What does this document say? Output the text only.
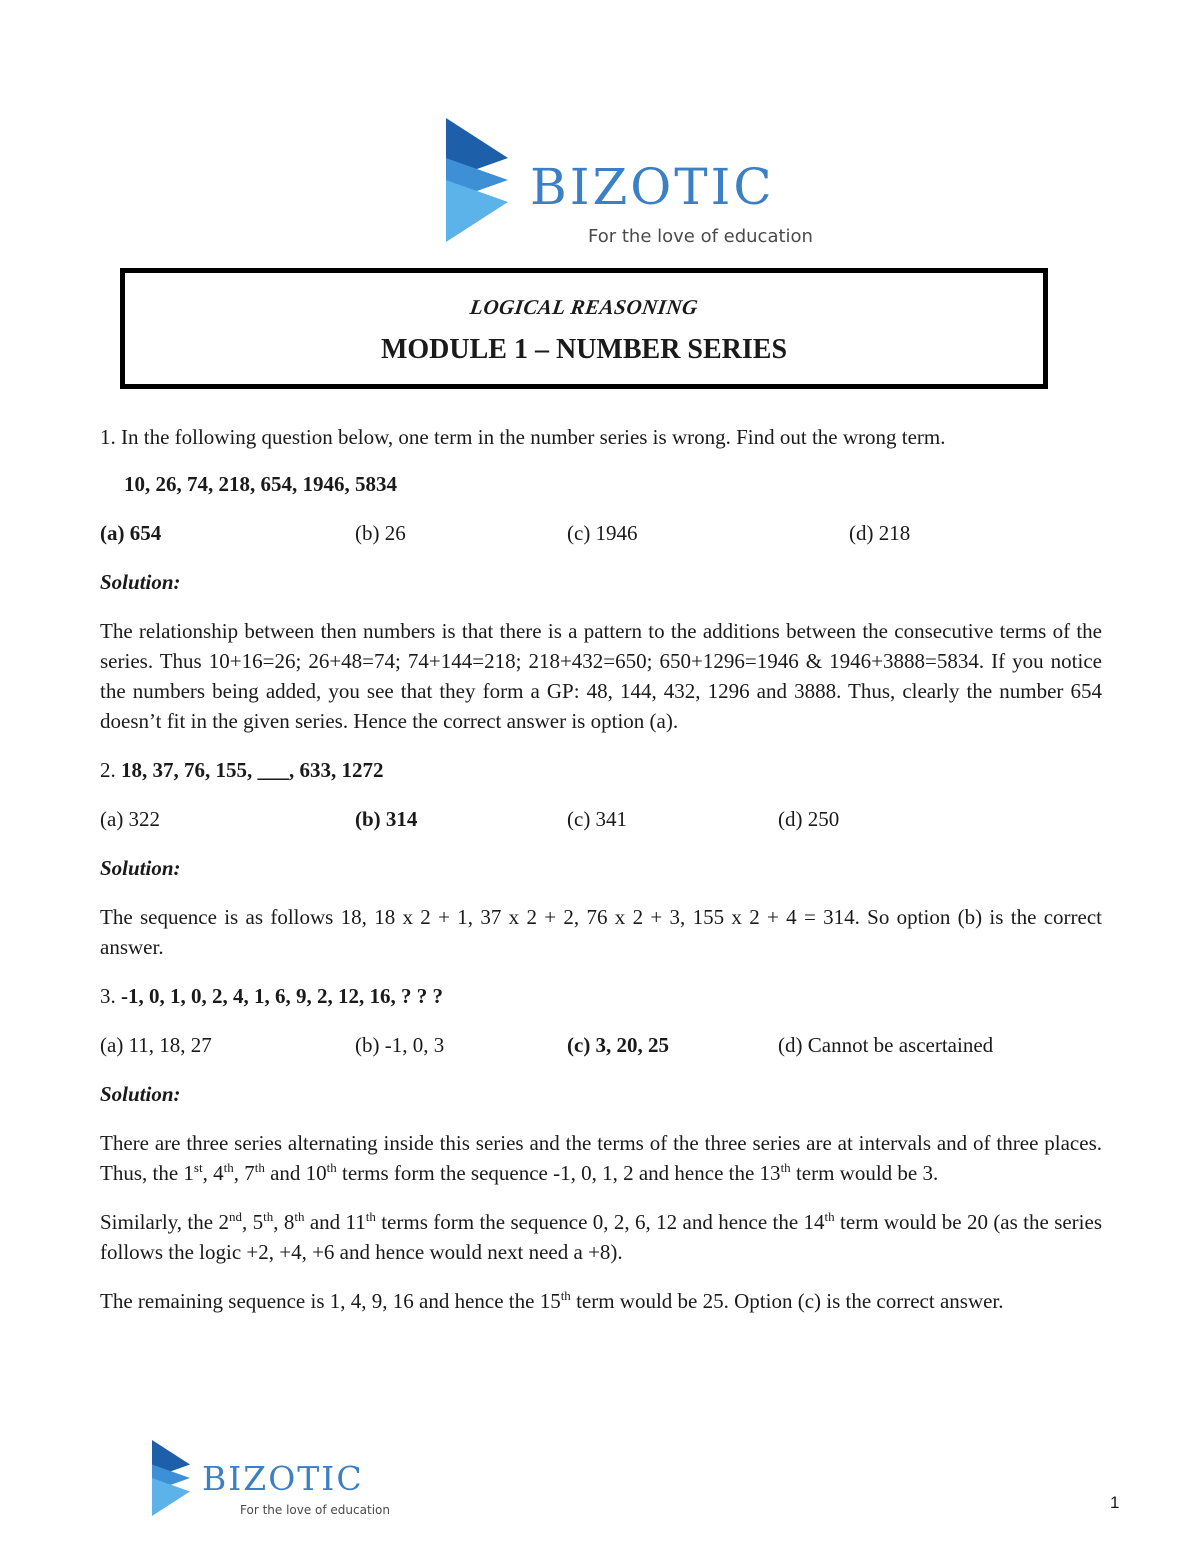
BIZOTIC
For the love of education
LOGICAL REASONING
MODULE 1 – NUMBER SERIES
1. In the following question below, one term in the number series is wrong. Find out the wrong term.
10, 26, 74, 218, 654, 1946, 5834
(a) 654	(b) 26	(c) 1946	(d) 218
Solution:
The relationship between then numbers is that there is a pattern to the additions between the consecutive terms of the series. Thus 10+16=26; 26+48=74; 74+144=218; 218+432=650; 650+1296=1946 & 1946+3888=5834. If you notice the numbers being added, you see that they form a GP: 48, 144, 432, 1296 and 3888. Thus, clearly the number 654 doesn’t fit in the given series. Hence the correct answer is option (a).
2. 18, 37, 76, 155, ___, 633, 1272
(a) 322	(b) 314	(c) 341	(d) 250
Solution:
The sequence is as follows 18, 18 x 2 + 1, 37 x 2 + 2, 76 x 2 + 3, 155 x 2 + 4 = 314. So option (b) is the correct answer.
3. -1, 0, 1, 0, 2, 4, 1, 6, 9, 2, 12, 16, ? ? ?
(a) 11, 18, 27	(b) -1, 0, 3	(c) 3, 20, 25	(d) Cannot be ascertained
Solution:
There are three series alternating inside this series and the terms of the three series are at intervals and of three places. Thus, the 1st, 4th, 7th and 10th terms form the sequence -1, 0, 1, 2 and hence the 13th term would be 3.
Similarly, the 2nd, 5th, 8th and 11th terms form the sequence 0, 2, 6, 12 and hence the 14th term would be 20 (as the series follows the logic +2, +4, +6 and hence would next need a +8).
The remaining sequence is 1, 4, 9, 16 and hence the 15th term would be 25. Option (c) is the correct answer.
BIZOTIC
For the love of education	1
